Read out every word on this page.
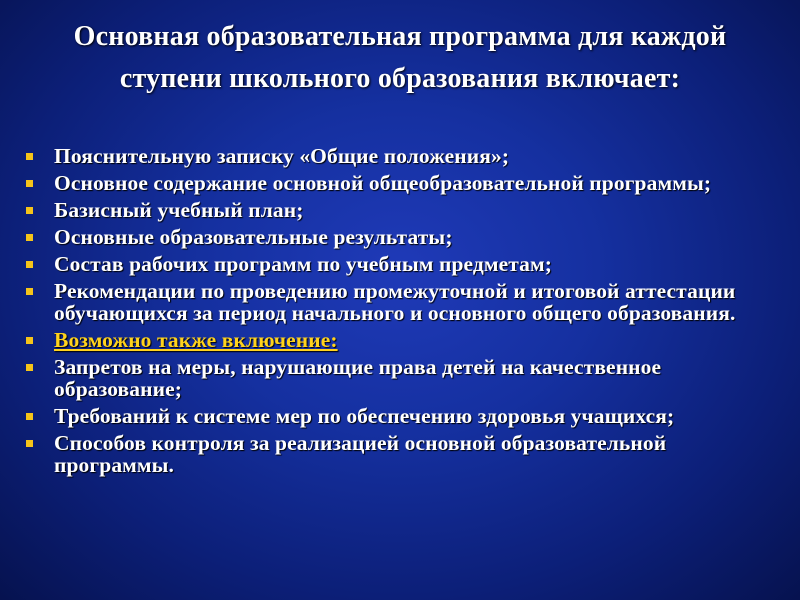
Основная образовательная программа для каждой ступени школьного образования включает:
Пояснительную записку «Общие положения»;
Основное содержание основной общеобразовательной программы;
Базисный учебный план;
Основные образовательные результаты;
Состав рабочих программ по учебным предметам;
Рекомендации по проведению промежуточной и итоговой аттестации обучающихся за период начального и основного общего образования.
Возможно также включение:
Запретов на меры, нарушающие права детей на качественное образование;
Требований к системе мер по обеспечению здоровья учащихся;
Способов контроля за реализацией основной образовательной программы.
